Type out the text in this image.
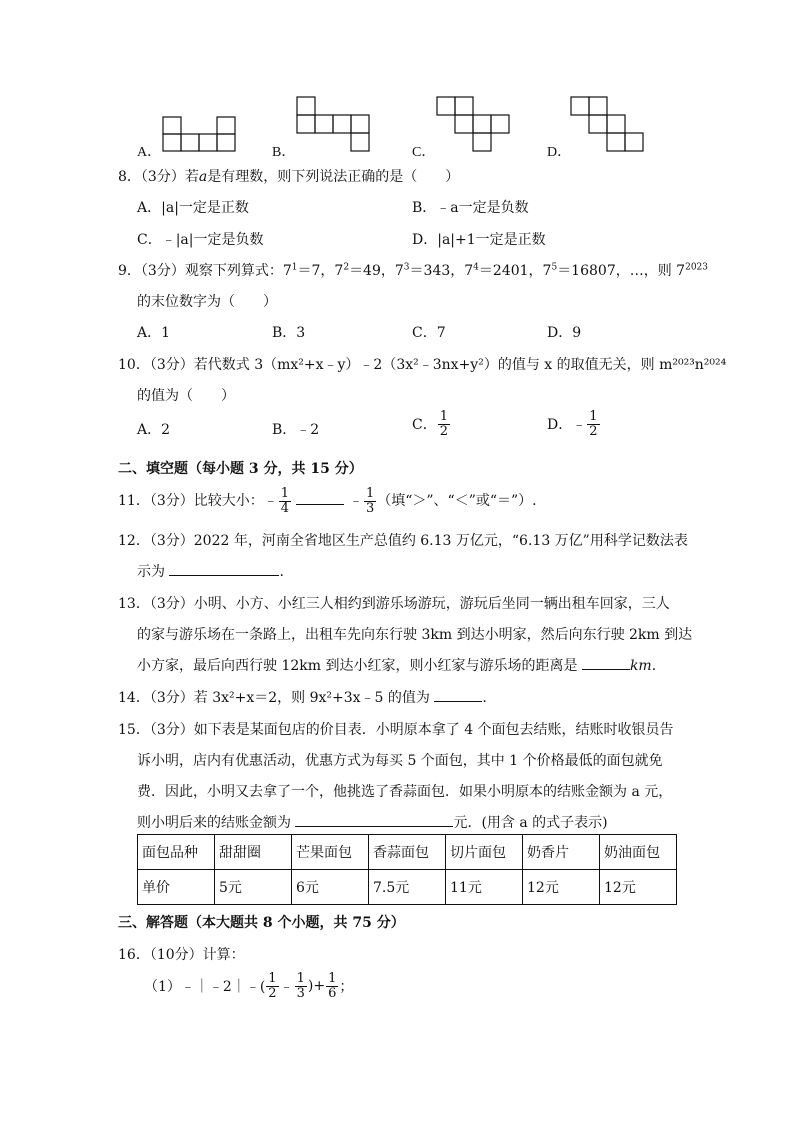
A．	B．	C．	D．
8．（3分）若a是有理数，则下列说法正确的是（　　）
A．|a|一定是正数	B．﹣a一定是负数
C．﹣|a|一定是负数	D．|a|+1一定是正数
9．（3分）观察下列算式：$7^1=7$，$7^2=49$，$7^3=343$，$7^4=2401$，$7^5=16807$，…，则 $7^{2023}$
的末位数字为（　　）
A．1	B．3	C．7	D．9
10．（3分）若代数式 3（mx²+x﹣y）﹣2（3x²﹣3nx+y²）的值与 x 的取值无关，则 m²⁰²³n²⁰²⁴
的值为（　　）
A．2	B．﹣2	C． $\frac{1}{2}$	D．﹣ $\frac{1}{2}$
二、填空题（每小题 3 分，共 15 分）
11．（3分）比较大小：﹣ $\frac{1}{4}$	﹣ $\frac{1}{3}$ （填“＞”、“＜”或“＝”）.
12．（3分）2022 年，河南全省地区生产总值约 6.13 万亿元，“6.13 万亿”用科学记数法表
示为	.
13．（3分）小明、小方、小红三人相约到游乐场游玩，游玩后坐同一辆出租车回家，三人
的家与游乐场在一条路上，出租车先向东行驶 3km 到达小明家，然后向东行驶 2km 到达
小方家，最后向西行驶 12km 到达小红家，则小红家与游乐场的距离是	km.
14．（3分）若 3x²+x＝2，则 9x²+3x﹣5 的值为	.
15．（3分）如下表是某面包店的价目表．小明原本拿了 4 个面包去结账，结账时收银员告
诉小明，店内有优惠活动，优惠方式为每买 5 个面包，其中 1 个价格最低的面包就免
费．因此，小明又去拿了一个，他挑选了香蒜面包．如果小明原本的结账金额为 a 元，
则小明后来的结账金额为	元．(用含 a 的式子表示)
面包品种	甜甜圈	芒果面包	香蒜面包	切片面包	奶香片	奶油面包
单价	5元	6元	7.5元	11元	12元	12元
三、解答题（本大题共 8 个小题，共 75 分）
16．（10分）计算：
（1）﹣｜﹣2｜﹣( $\frac{1}{2}$ ﹣ $\frac{1}{3}$ )+ $\frac{1}{6}$ ；
